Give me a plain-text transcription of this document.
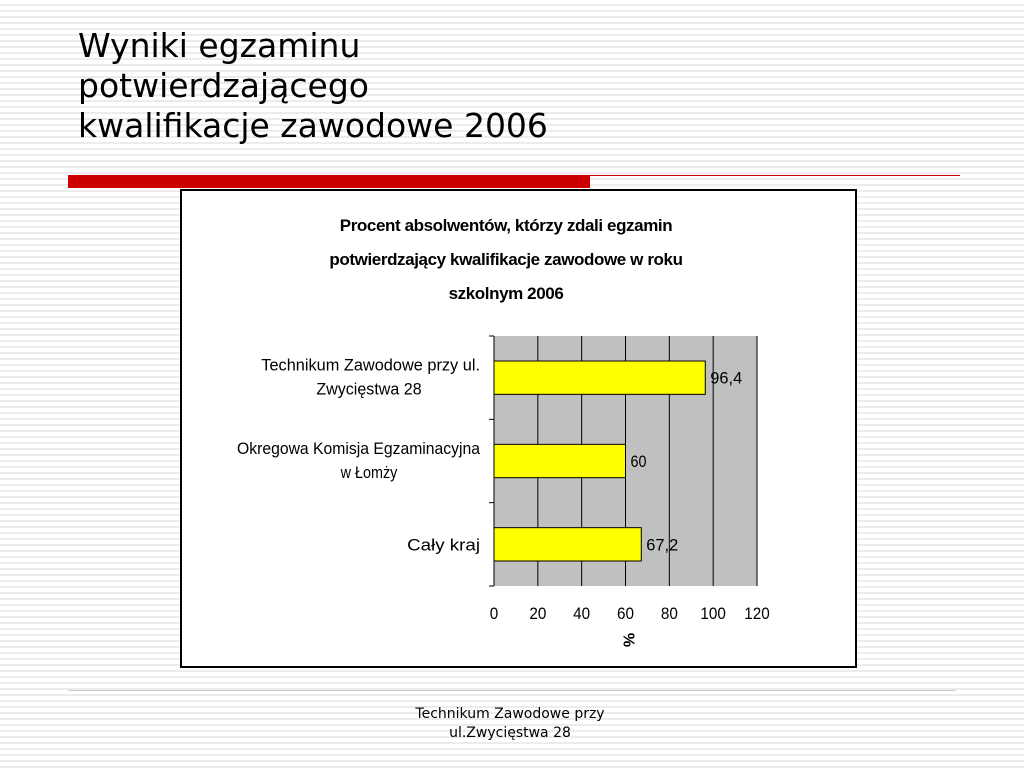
Wyniki egzaminu
potwierdzającego
kwalifikacje zawodowe 2006
Procent absolwentów, którzy zdali egzamin
potwierdzający kwalifikacje zawodowe w roku
szkolnym 2006
96,4
Technikum Zawodowe przy ul.
Zwycięstwa 28
60
Okregowa Komisja Egzaminacyjna
w Łomży
67,2
Cały kraj
0 20 40 60 80 100 120
%
Technikum Zawodowe przy
ul.Zwycięstwa 28
